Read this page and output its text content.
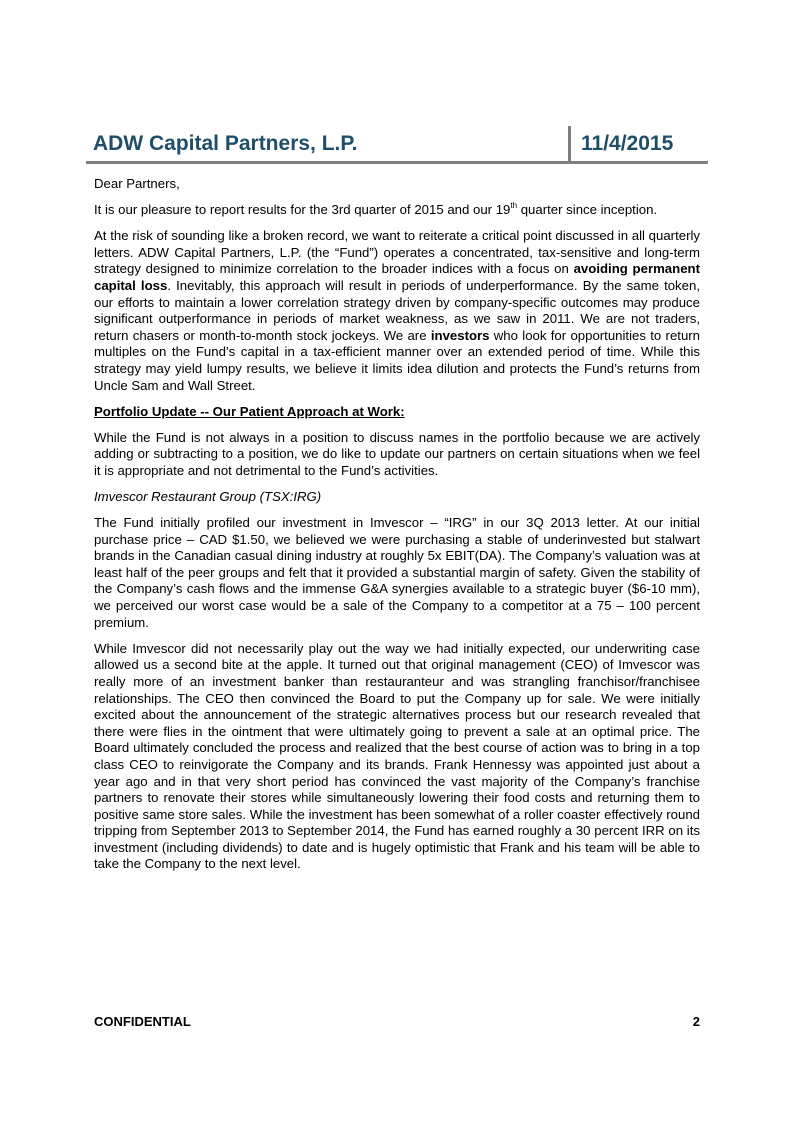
ADW Capital Partners, L.P.	11/4/2015

Dear Partners,

It is our pleasure to report results for the 3rd quarter of 2015 and our 19th quarter since inception.

At the risk of sounding like a broken record, we want to reiterate a critical point discussed in all quarterly letters. ADW Capital Partners, L.P. (the “Fund”) operates a concentrated, tax-sensitive and long-term strategy designed to minimize correlation to the broader indices with a focus on avoiding permanent capital loss. Inevitably, this approach will result in periods of underperformance. By the same token, our efforts to maintain a lower correlation strategy driven by company-specific outcomes may produce significant outperformance in periods of market weakness, as we saw in 2011. We are not traders, return chasers or month-to-month stock jockeys. We are investors who look for opportunities to return multiples on the Fund’s capital in a tax-efficient manner over an extended period of time. While this strategy may yield lumpy results, we believe it limits idea dilution and protects the Fund’s returns from Uncle Sam and Wall Street.

Portfolio Update -- Our Patient Approach at Work:

While the Fund is not always in a position to discuss names in the portfolio because we are actively adding or subtracting to a position, we do like to update our partners on certain situations when we feel it is appropriate and not detrimental to the Fund’s activities.

Imvescor Restaurant Group (TSX:IRG)

The Fund initially profiled our investment in Imvescor – “IRG” in our 3Q 2013 letter. At our initial purchase price – CAD $1.50, we believed we were purchasing a stable of underinvested but stalwart brands in the Canadian casual dining industry at roughly 5x EBIT(DA). The Company’s valuation was at least half of the peer groups and felt that it provided a substantial margin of safety. Given the stability of the Company’s cash flows and the immense G&A synergies available to a strategic buyer ($6-10 mm), we perceived our worst case would be a sale of the Company to a competitor at a 75 – 100 percent premium.

While Imvescor did not necessarily play out the way we had initially expected, our underwriting case allowed us a second bite at the apple. It turned out that original management (CEO) of Imvescor was really more of an investment banker than restauranteur and was strangling franchisor/franchisee relationships. The CEO then convinced the Board to put the Company up for sale. We were initially excited about the announcement of the strategic alternatives process but our research revealed that there were flies in the ointment that were ultimately going to prevent a sale at an optimal price. The Board ultimately concluded the process and realized that the best course of action was to bring in a top class CEO to reinvigorate the Company and its brands. Frank Hennessy was appointed just about a year ago and in that very short period has convinced the vast majority of the Company’s franchise partners to renovate their stores while simultaneously lowering their food costs and returning them to positive same store sales. While the investment has been somewhat of a roller coaster effectively round tripping from September 2013 to September 2014, the Fund has earned roughly a 30 percent IRR on its investment (including dividends) to date and is hugely optimistic that Frank and his team will be able to take the Company to the next level.

CONFIDENTIAL	2
